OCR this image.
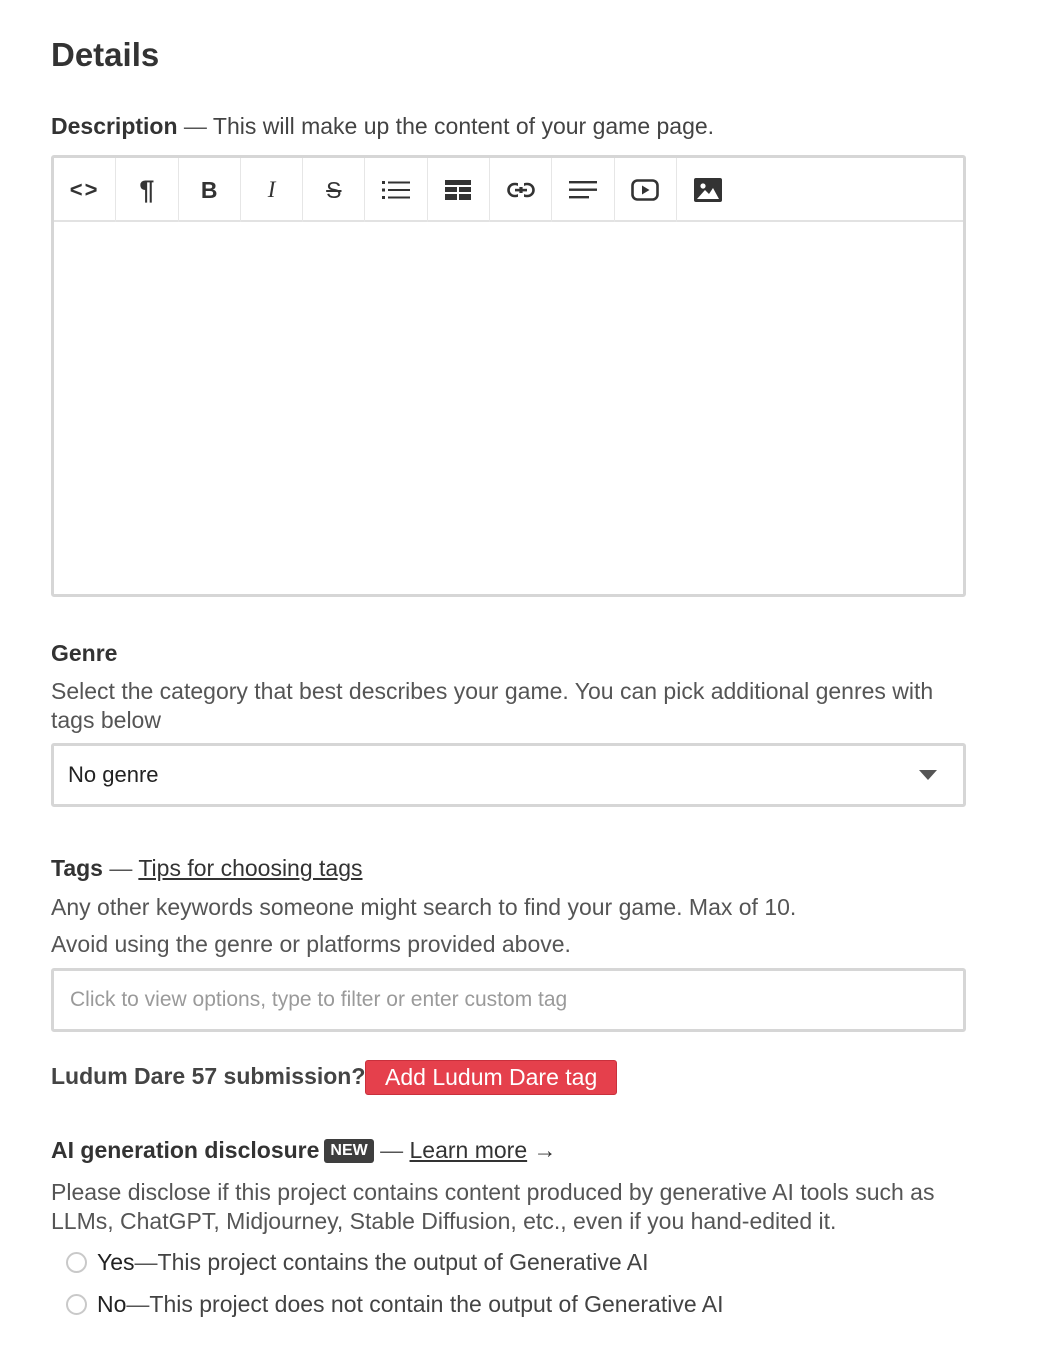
Details
Description — This will make up the content of your game page.
<> ¶ B I S
Genre
Select the category that best describes your game. You can pick additional genres with tags below
No genre
Tags — Tips for choosing tags
Any other keywords someone might search to find your game. Max of 10.
Avoid using the genre or platforms provided above.
Click to view options, type to filter or enter custom tag
Ludum Dare 57 submission? Add Ludum Dare tag
AI generation disclosure NEW — Learn more →
Please disclose if this project contains content produced by generative AI tools such as LLMs, ChatGPT, Midjourney, Stable Diffusion, etc., even if you hand-edited it.
Yes — This project contains the output of Generative AI
No — This project does not contain the output of Generative AI
